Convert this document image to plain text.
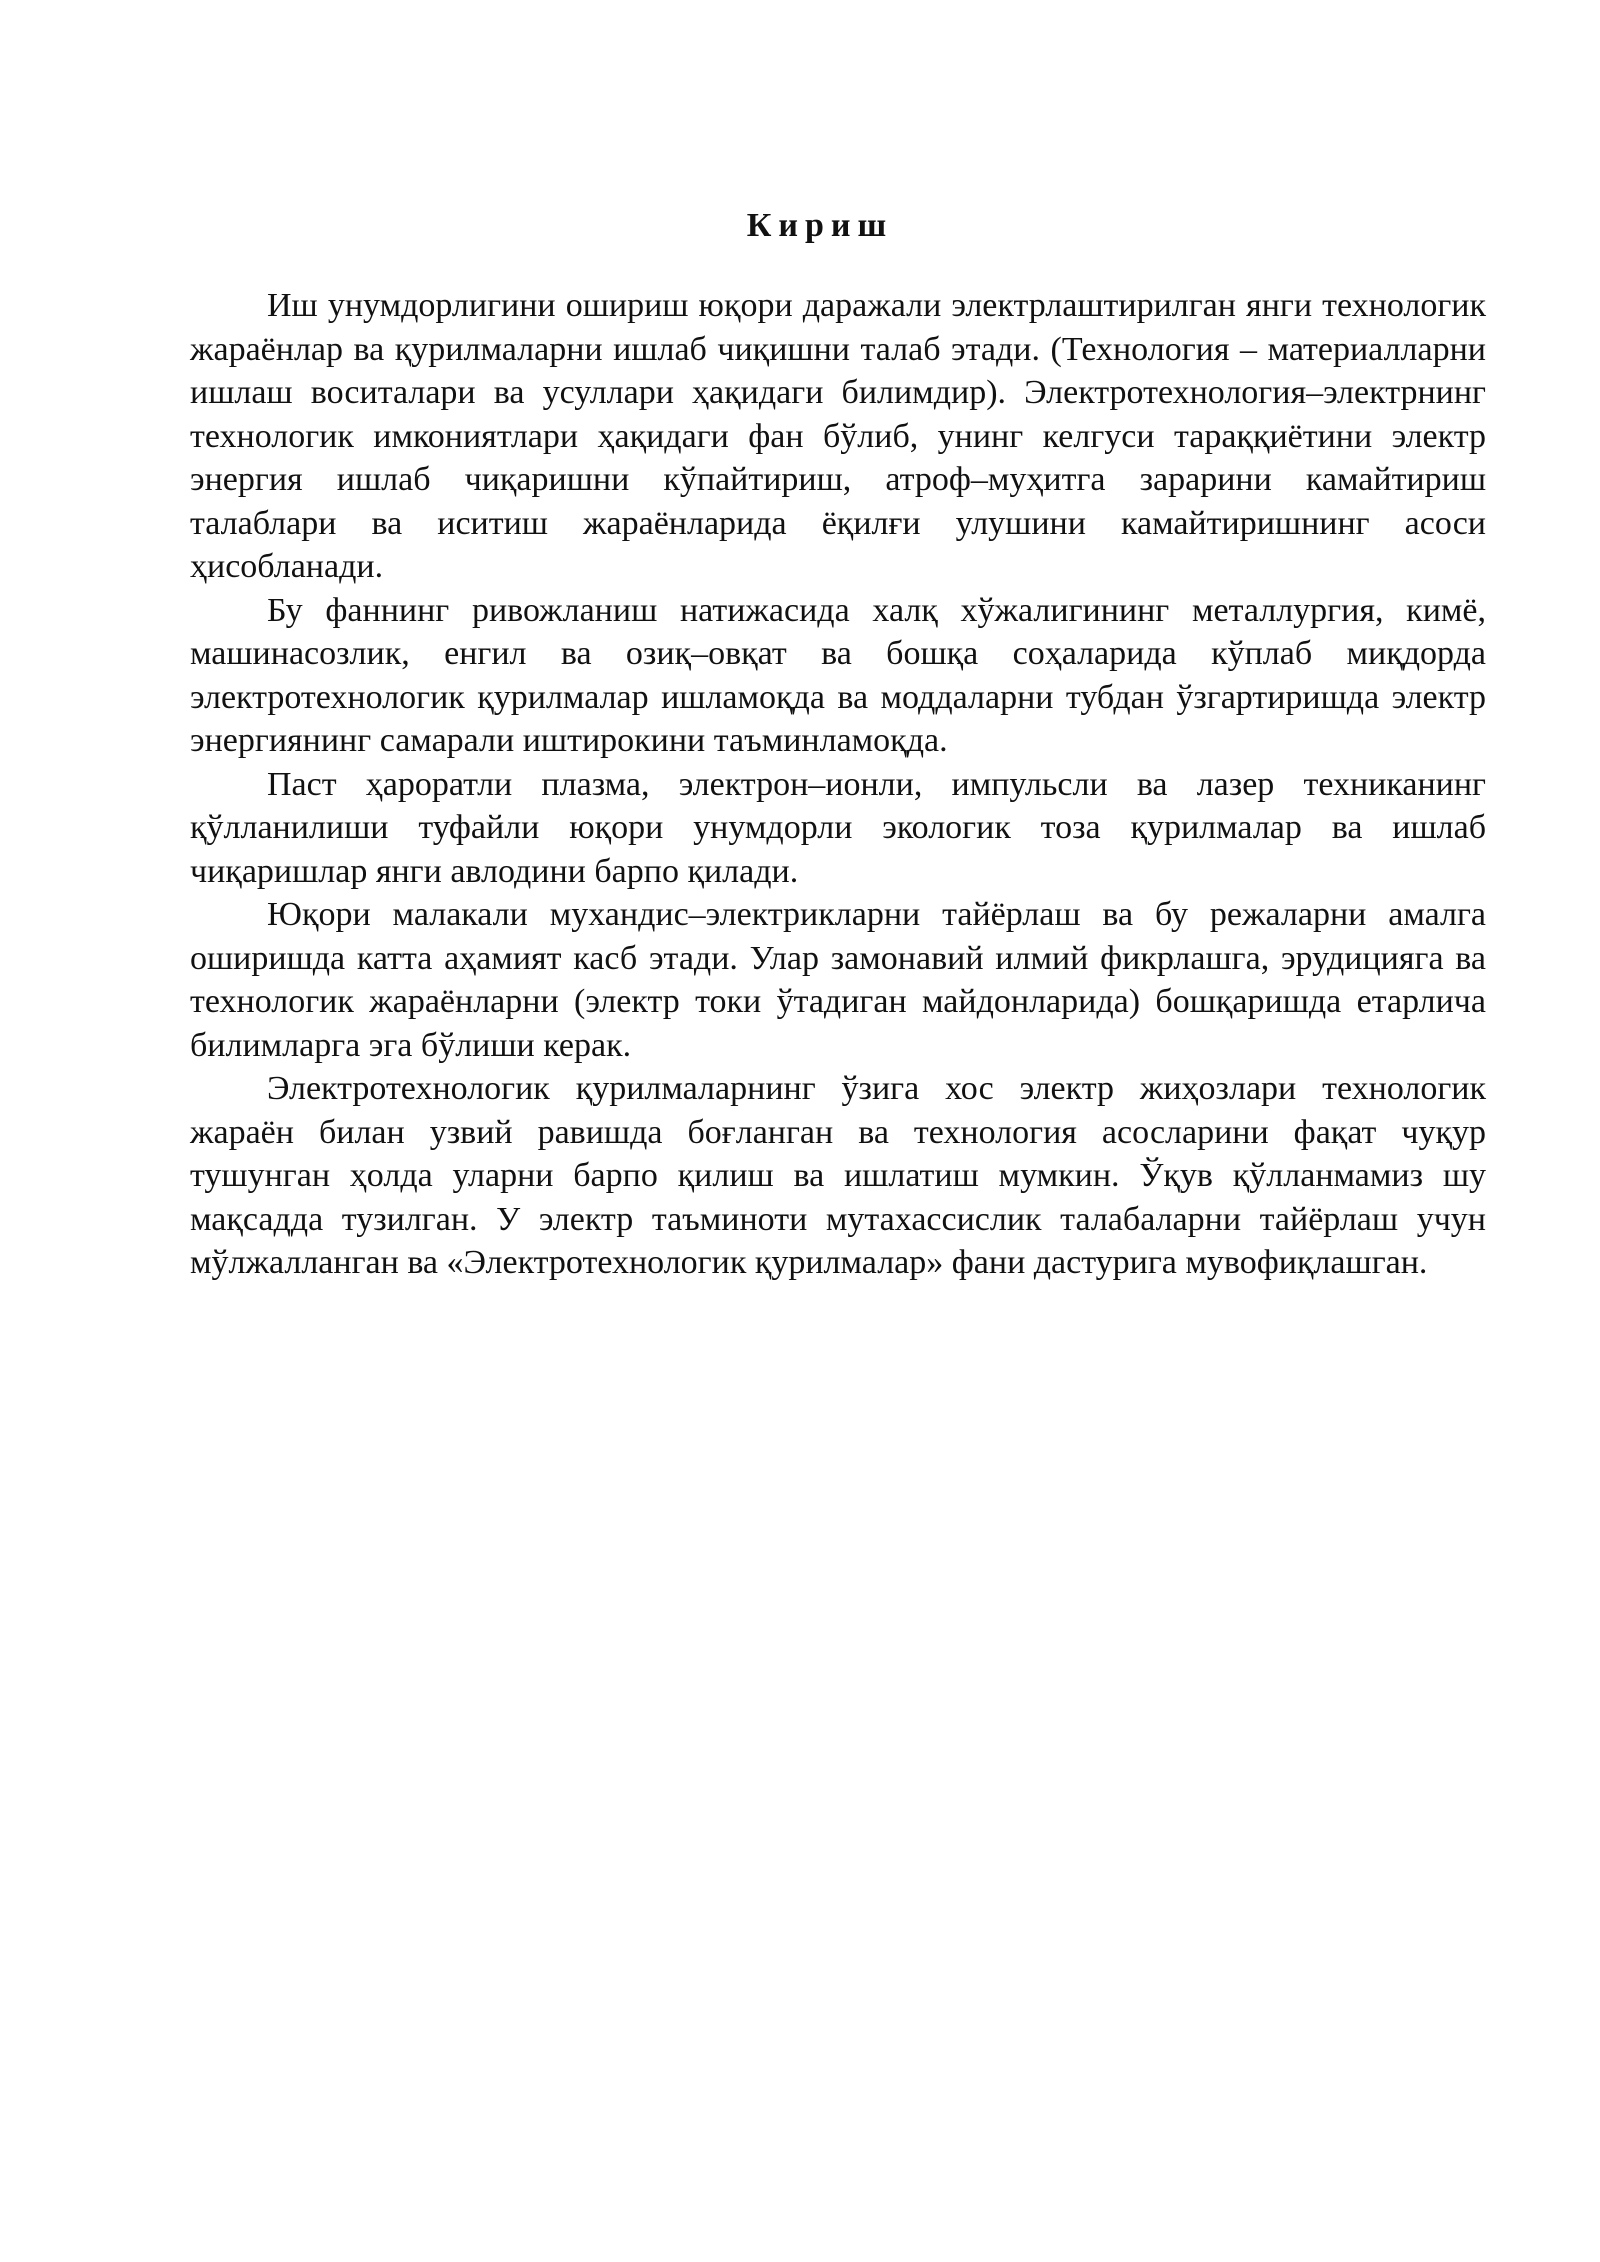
Кириш

Иш унумдорлигини ошириш юқори даражали электрлаштирилган янги технологик жараёнлар ва қурилмаларни ишлаб чиқишни талаб этади. (Технология – материалларни ишлаш воситалари ва усуллари ҳақидаги билимдир). Электротехнология–электрнинг технологик имкониятлари ҳақидаги фан бўлиб, унинг келгуси тараққиётини электр энергия ишлаб чиқаришни кўпайтириш, атроф–муҳитга зарарини камайтириш талаблари ва иситиш жараёнларида ёқилғи улушини камайтиришнинг асоси ҳисобланади.

Бу фаннинг ривожланиш натижасида халқ хўжалигининг металлургия, кимё, машинасозлик, енгил ва озиқ–овқат ва бошқа соҳаларида кўплаб миқдорда электротехнологик қурилмалар ишламоқда ва моддаларни тубдан ўзгартиришда электр энергиянинг самарали иштирокини таъминламоқда.

Паст ҳароратли плазма, электрон–ионли, импульсли ва лазер техниканинг қўлланилиши туфайли юқори унумдорли экологик тоза қурилмалар ва ишлаб чиқаришлар янги авлодини барпо қилади.

Юқори малакали мухандис–электрикларни тайёрлаш ва бу режаларни амалга оширишда катта аҳамият касб этади. Улар замонавий илмий фикрлашга, эрудицияга ва технологик жараёнларни (электр токи ўтадиган майдонларида) бошқаришда етарлича билимларга эга бўлиши керак.

Электротехнологик қурилмаларнинг ўзига хос электр жиҳозлари технологик жараён билан узвий равишда боғланган ва технология асосларини фақат чуқур тушунган ҳолда уларни барпо қилиш ва ишлатиш мумкин. Ўқув қўлланмамиз шу мақсадда тузилган. У электр таъминоти мутахассислик талабаларни тайёрлаш учун мўлжалланган ва «Электротехнологик қурилмалар» фани дастурига мувофиқлашган.
